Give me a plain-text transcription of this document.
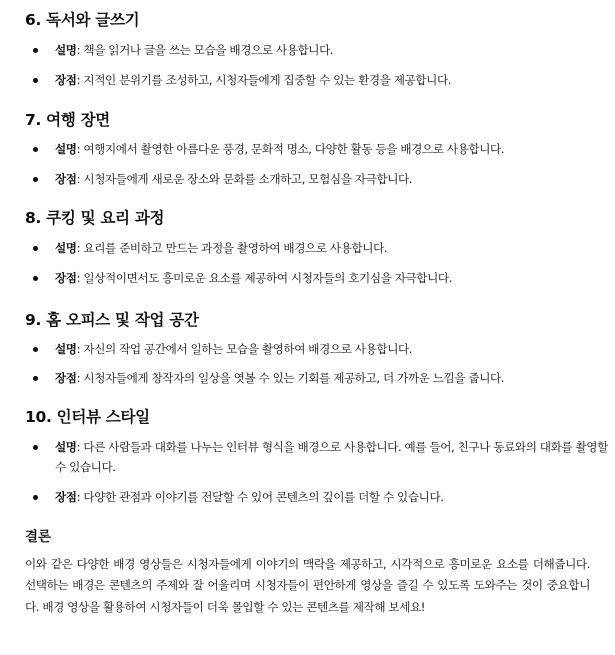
6. 독서와 글쓰기
설명: 책을 읽거나 글을 쓰는 모습을 배경으로 사용합니다.
장점: 지적인 분위기를 조성하고, 시청자들에게 집중할 수 있는 환경을 제공합니다.
7. 여행 장면
설명: 여행지에서 촬영한 아름다운 풍경, 문화적 명소, 다양한 활동 등을 배경으로 사용합니다.
장점: 시청자들에게 새로운 장소와 문화를 소개하고, 모험심을 자극합니다.
8. 쿠킹 및 요리 과정
설명: 요리를 준비하고 만드는 과정을 촬영하여 배경으로 사용합니다.
장점: 일상적이면서도 흥미로운 요소를 제공하여 시청자들의 호기심을 자극합니다.
9. 홈 오피스 및 작업 공간
설명: 자신의 작업 공간에서 일하는 모습을 촬영하여 배경으로 사용합니다.
장점: 시청자들에게 창작자의 일상을 엿볼 수 있는 기회를 제공하고, 더 가까운 느낌을 줍니다.
10. 인터뷰 스타일
설명: 다른 사람들과 대화를 나누는 인터뷰 형식을 배경으로 사용합니다. 예를 들어, 친구나 동료와의 대화를 촬영할 수 있습니다.
장점: 다양한 관점과 이야기를 전달할 수 있어 콘텐츠의 깊이를 더할 수 있습니다.
결론

이와 같은 다양한 배경 영상들은 시청자들에게 이야기의 맥락을 제공하고, 시각적으로 흥미로운 요소를 더해줍니다. 선택하는 배경은 콘텐츠의 주제와 잘 어울리며 시청자들이 편안하게 영상을 즐길 수 있도록 도와주는 것이 중요합니다. 배경 영상을 활용하여 시청자들이 더욱 몰입할 수 있는 콘텐츠를 제작해 보세요!
